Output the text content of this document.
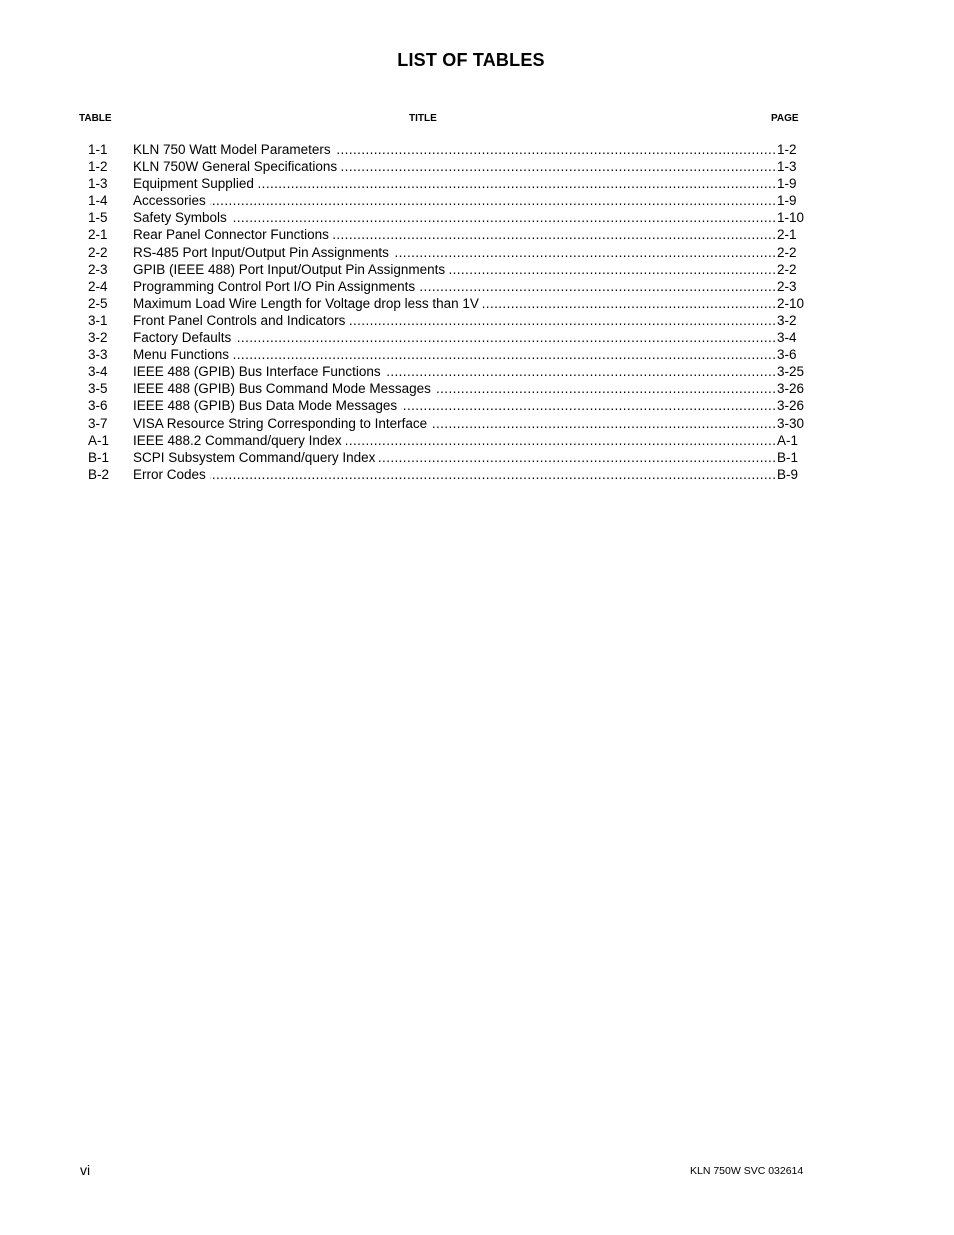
LIST OF TABLES
TABLE	TITLE	PAGE
1-1	KLN 750 Watt Model Parameters .....	1-2
1-2	KLN 750W General Specifications .....	1-3
1-3	Equipment Supplied .....	1-9
1-4	Accessories .....	1-9
1-5	Safety Symbols .....	1-10
2-1	Rear Panel Connector Functions .....	2-1
2-2	RS-485 Port Input/Output Pin Assignments .....	2-2
2-3	GPIB (IEEE 488) Port Input/Output Pin Assignments .....	2-2
2-4	Programming Control Port I/O Pin Assignments .....	2-3
2-5	Maximum Load Wire Length for Voltage drop less than 1V .....	2-10
3-1	Front Panel Controls and Indicators .....	3-2
3-2	Factory Defaults .....	3-4
3-3	Menu Functions .....	3-6
3-4	IEEE 488 (GPIB) Bus Interface Functions .....	3-25
3-5	IEEE 488 (GPIB) Bus Command Mode Messages .....	3-26
3-6	IEEE 488 (GPIB) Bus Data Mode Messages .....	3-26
3-7	VISA Resource String Corresponding to Interface .....	3-30
A-1	IEEE 488.2 Command/query Index .....	A-1
B-1	SCPI Subsystem Command/query Index .....	B-1
B-2	Error Codes .....	B-9
vi	KLN 750W SVC 032614
